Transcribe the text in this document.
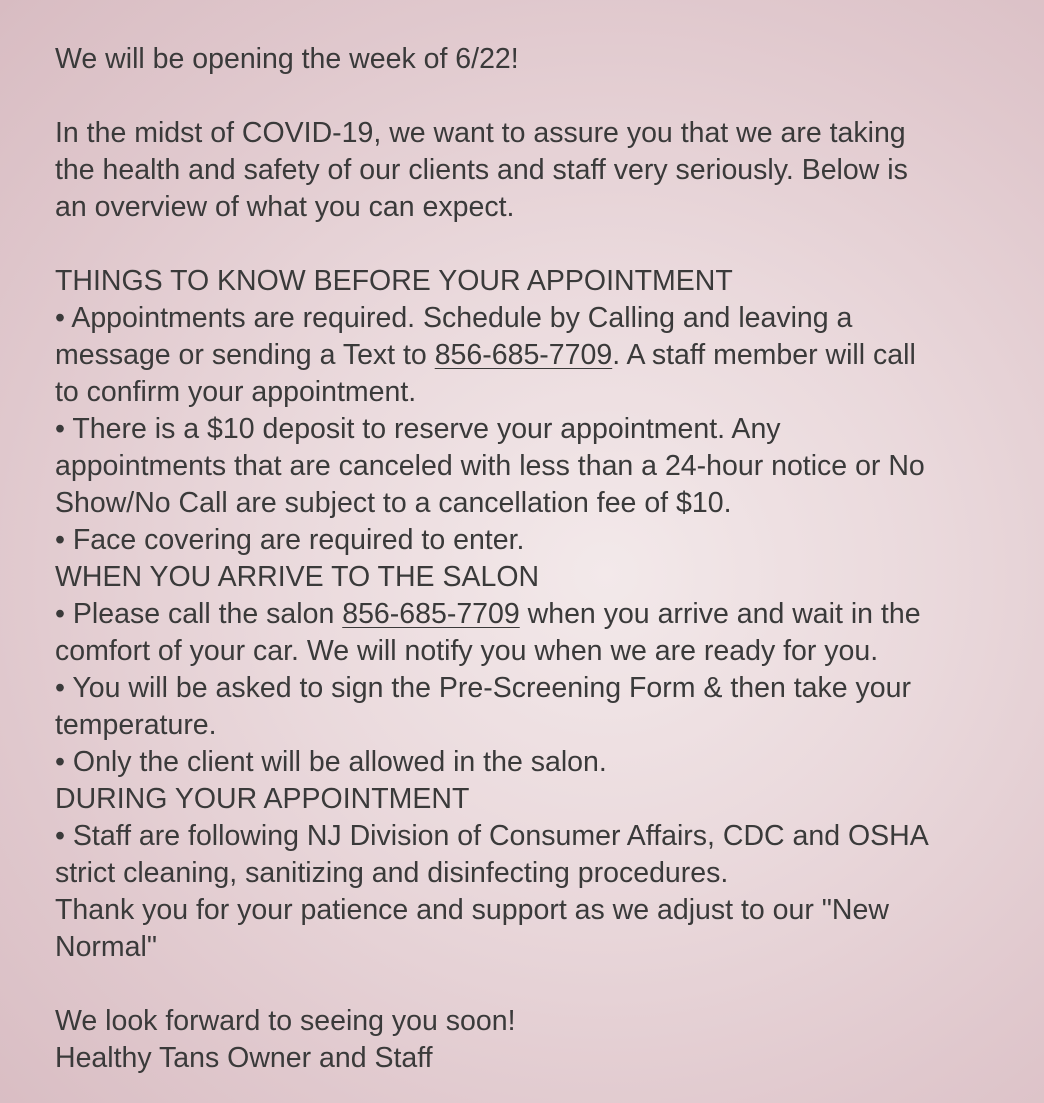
We will be opening the week of 6/22!
In the midst of COVID-19, we want to assure you that we are taking
the health and safety of our clients and staff very seriously. Below is
an overview of what you can expect.
THINGS TO KNOW BEFORE YOUR APPOINTMENT
• Appointments are required. Schedule by Calling and leaving a
message or sending a Text to 856-685-7709. A staff member will call
to confirm your appointment.
• There is a $10 deposit to reserve your appointment. Any
appointments that are canceled with less than a 24-hour notice or No
Show/No Call are subject to a cancellation fee of $10.
• Face covering are required to enter.
WHEN YOU ARRIVE TO THE SALON
• Please call the salon 856-685-7709 when you arrive and wait in the
comfort of your car. We will notify you when we are ready for you.
• You will be asked to sign the Pre-Screening Form & then take your
temperature.
• Only the client will be allowed in the salon.
DURING YOUR APPOINTMENT
• Staff are following NJ Division of Consumer Affairs, CDC and OSHA
strict cleaning, sanitizing and disinfecting procedures.
Thank you for your patience and support as we adjust to our "New
Normal"
We look forward to seeing you soon!
Healthy Tans Owner and Staff
